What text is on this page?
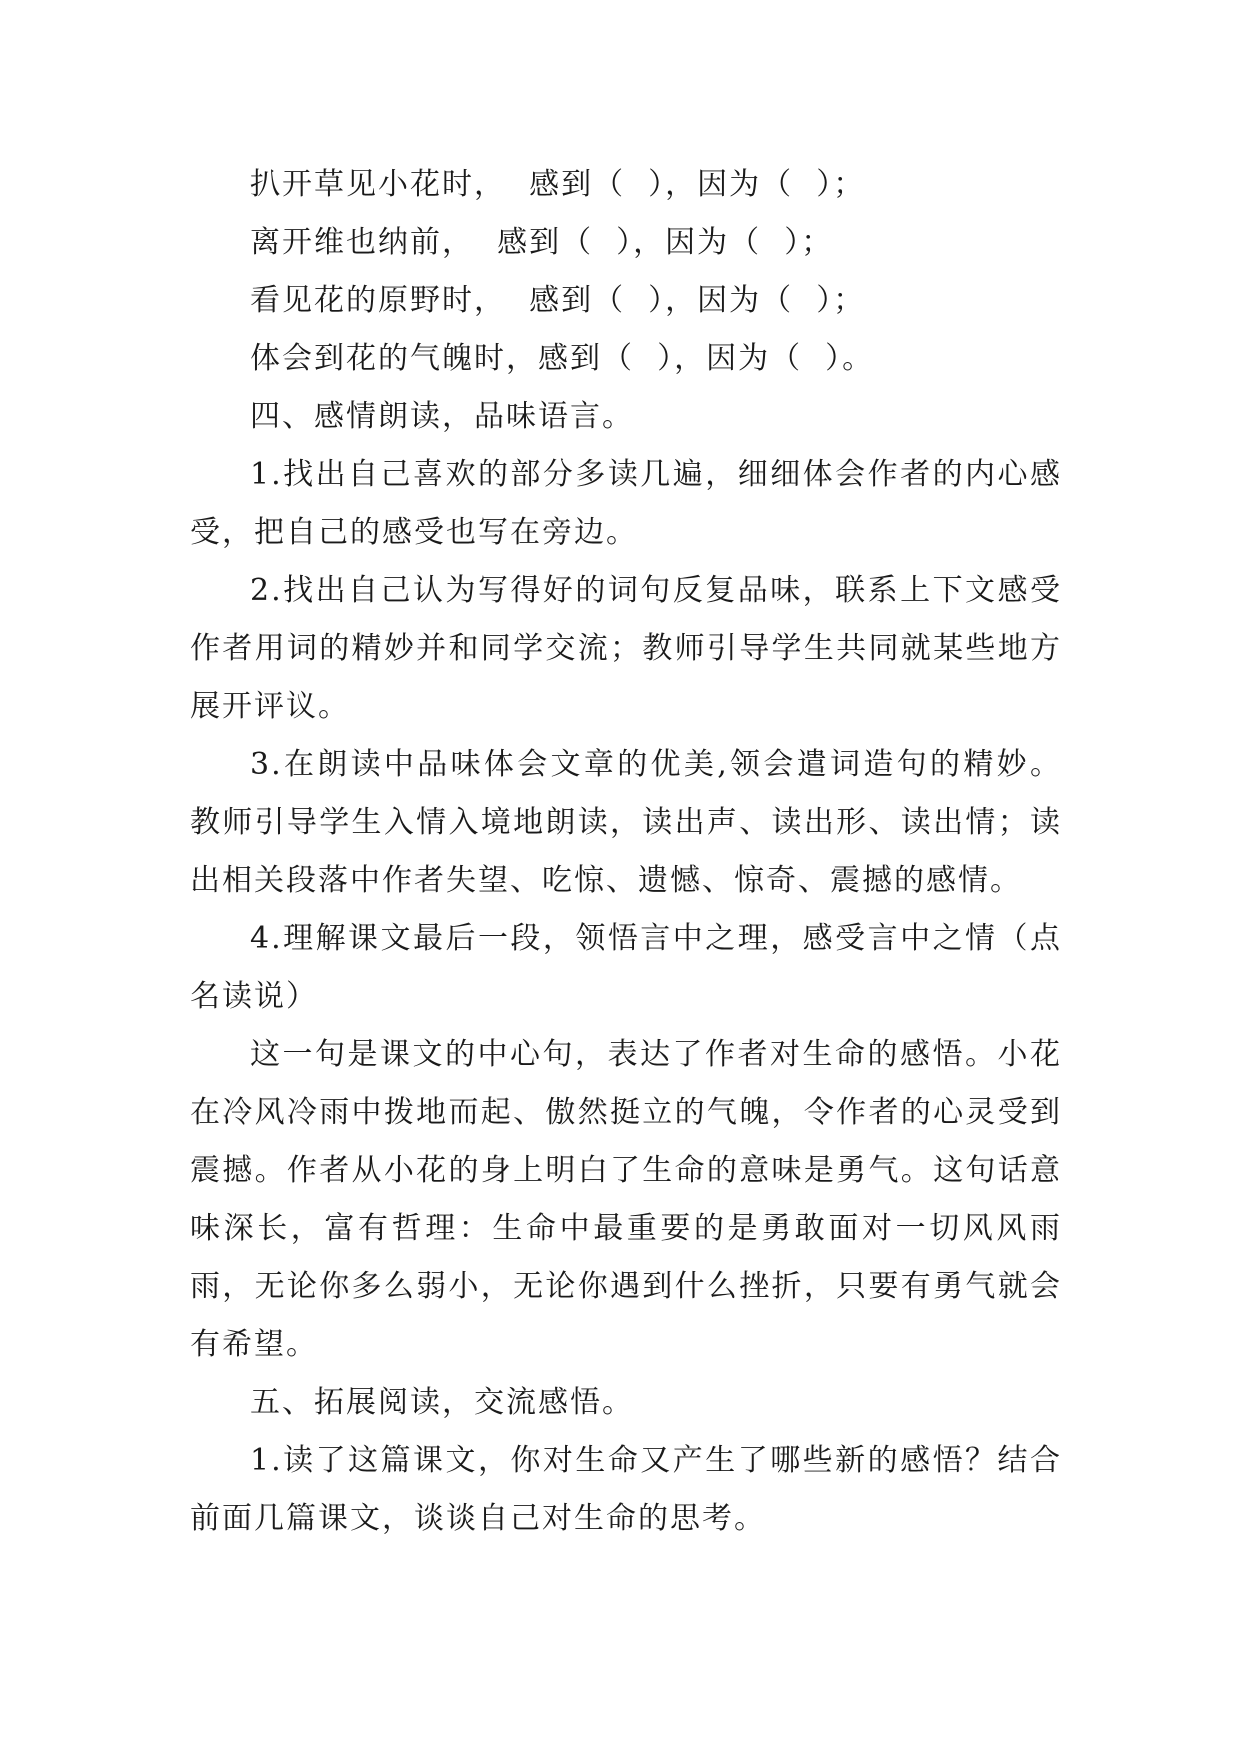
扒开草见小花时，  感到（  ），因为（  ）；

离开维也纳前，  感到（  ），因为（  ）；

看见花的原野时，  感到（  ），因为（  ）；

体会到花的气魄时，感到（  ），因为（  ）。

四、感情朗读，品味语言。

1.找出自己喜欢的部分多读几遍，细细体会作者的内心感受，把自己的感受也写在旁边。

2.找出自己认为写得好的词句反复品味，联系上下文感受作者用词的精妙并和同学交流；教师引导学生共同就某些地方展开评议。

3.在朗读中品味体会文章的优美,领会遣词造句的精妙。教师引导学生入情入境地朗读，读出声、读出形、读出情；读出相关段落中作者失望、吃惊、遗憾、惊奇、震撼的感情。

4.理解课文最后一段，领悟言中之理，感受言中之情（点名读说）

这一句是课文的中心句，表达了作者对生命的感悟。小花在冷风冷雨中拨地而起、傲然挺立的气魄，令作者的心灵受到震撼。作者从小花的身上明白了生命的意味是勇气。这句话意味深长，富有哲理：生命中最重要的是勇敢面对一切风风雨雨，无论你多么弱小，无论你遇到什么挫折，只要有勇气就会有希望。

五、拓展阅读，交流感悟。

1.读了这篇课文，你对生命又产生了哪些新的感悟？结合前面几篇课文，谈谈自己对生命的思考。
